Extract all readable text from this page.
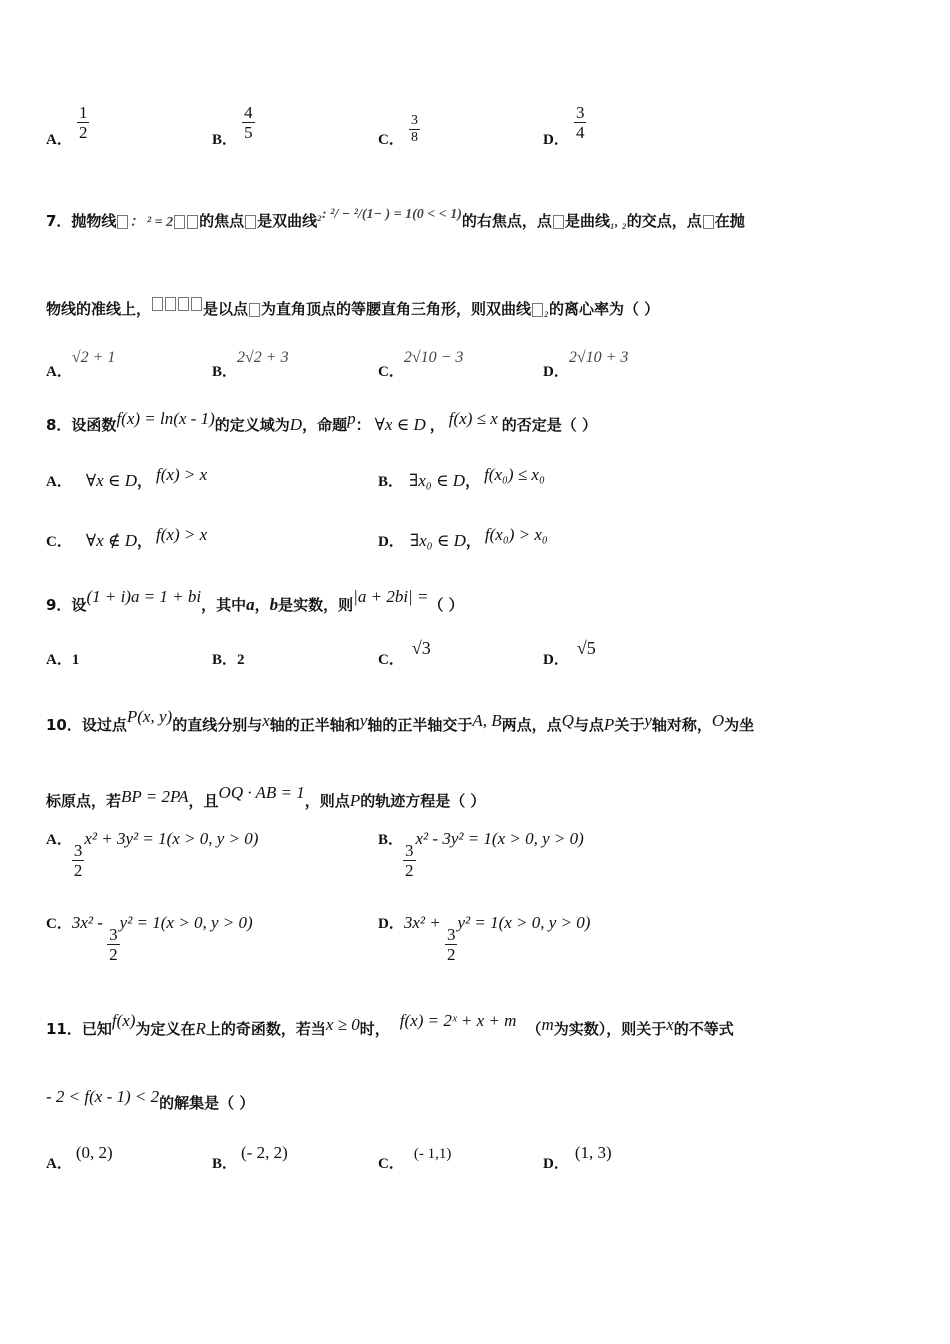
A． $\frac{1}{2}$	B． $\frac{4}{5}$	C． $\frac{3}{8}$	D． $\frac{3}{4}$
7．抛物线 ： ² = 2 的焦点 是双曲线₂: ²/ − ²/(1− ) = 1(0 < < 1)的右焦点，点 是曲线₁, ₂的交点，点 在抛
物线的准线上，	是以点 为直角顶点的等腰直角三角形，则双曲线 ₂的离心率为（ ）
A．√2 + 1
B．2√2 + 3
C．2√10 − 3
D．2√10 + 3
8．设函数f(x) = ln(x - 1)的定义域为D，命题p： ∀x ∈ D ， f(x) ≤ x 的否定是（ ）
A． ∀x ∈ D， f(x) > x	B． ∃x₀ ∈ D， f(x₀) ≤ x₀
C． ∀x ∉ D， f(x) > x	D． ∃x₀ ∈ D， f(x₀) > x₀
9．设(1 + i)a = 1 + bi，其中a，b是实数，则|a + 2bi| =（ ）
A．1	B．2	C．√3
D．√5
10．设过点P(x, y)的直线分别与x轴的正半轴和y轴的正半轴交于A, B两点，点Q与点P关于y轴对称，O为坐
标原点，若BP = 2PA，且OQ · AB = 1，则点P的轨迹方程是（ ）
A．
$\frac{3}{2}$
x² + 3y² = 1(x > 0, y > 0)	B．
$\frac{3}{2}$
x² - 3y² = 1(x > 0, y > 0)
C．3x² -
$\frac{3}{2}$
y² = 1(x > 0, y > 0)	D．3x² +
$\frac{3}{2}$
y² = 1(x > 0, y > 0)
11．已知f(x)为定义在R上的奇函数，若当x ≥ 0时， f(x) = 2ˣ + x + m （m为实数），则关于x的不等式
- 2 < f(x - 1) < 2的解集是（ ）
A．(0, 2)
B．(- 2, 2)
C．(- 1,1)
D．(1, 3)
